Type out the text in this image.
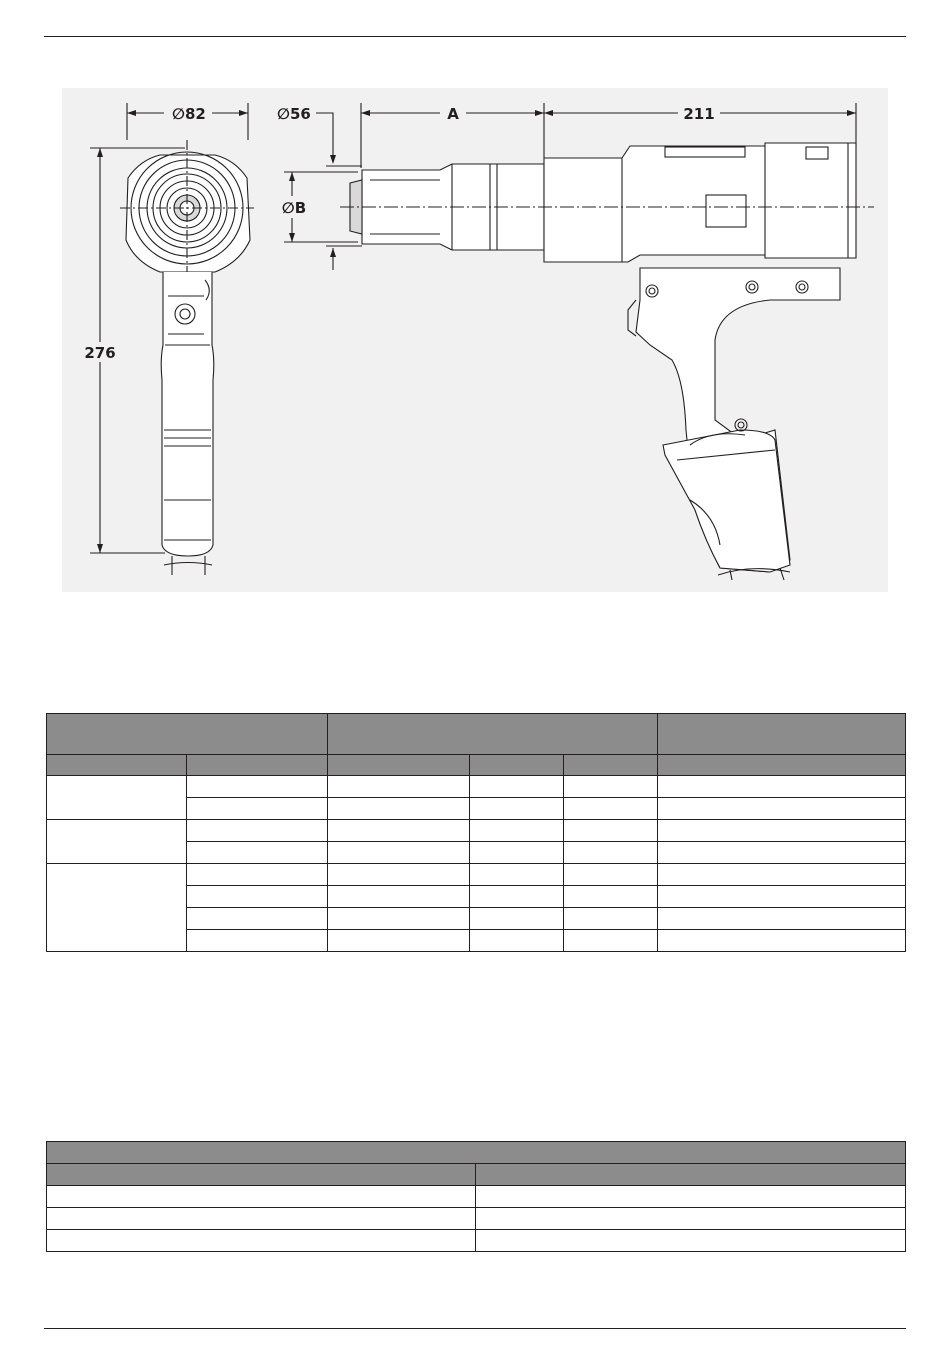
∅82
276
∅56
∅B
A	211
